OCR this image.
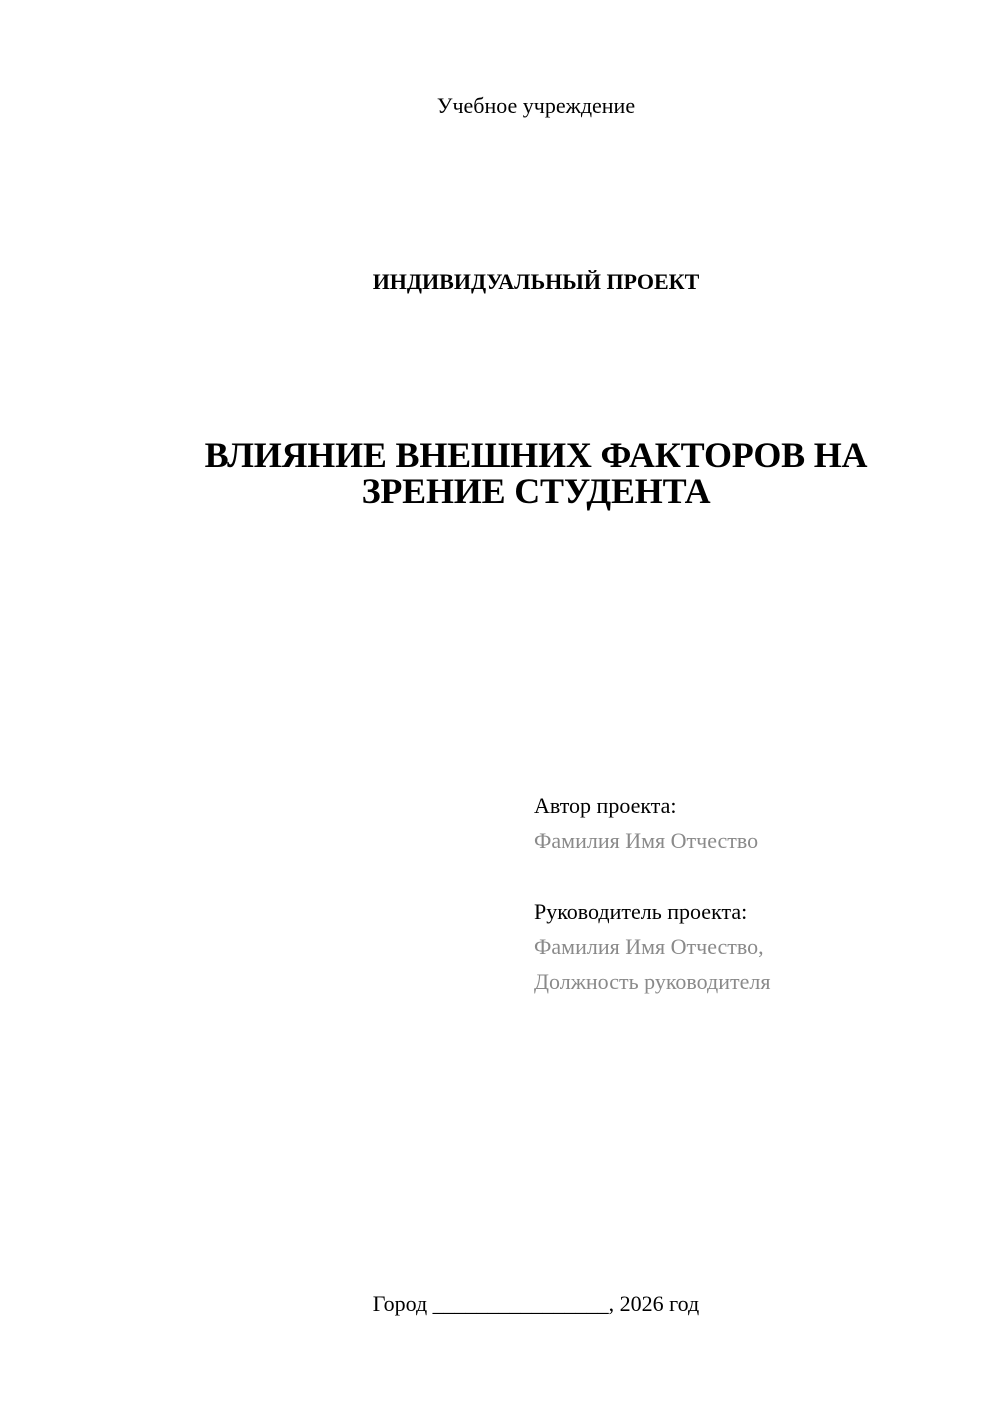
Учебное учреждение
ИНДИВИДУАЛЬНЫЙ ПРОЕКТ
ВЛИЯНИЕ ВНЕШНИХ ФАКТОРОВ НА
ЗРЕНИЕ СТУДЕНТА
Автор проекта:
Фамилия Имя Отчество
Руководитель проекта:
Фамилия Имя Отчество,
Должность руководителя
Город ________________, 2026 год
